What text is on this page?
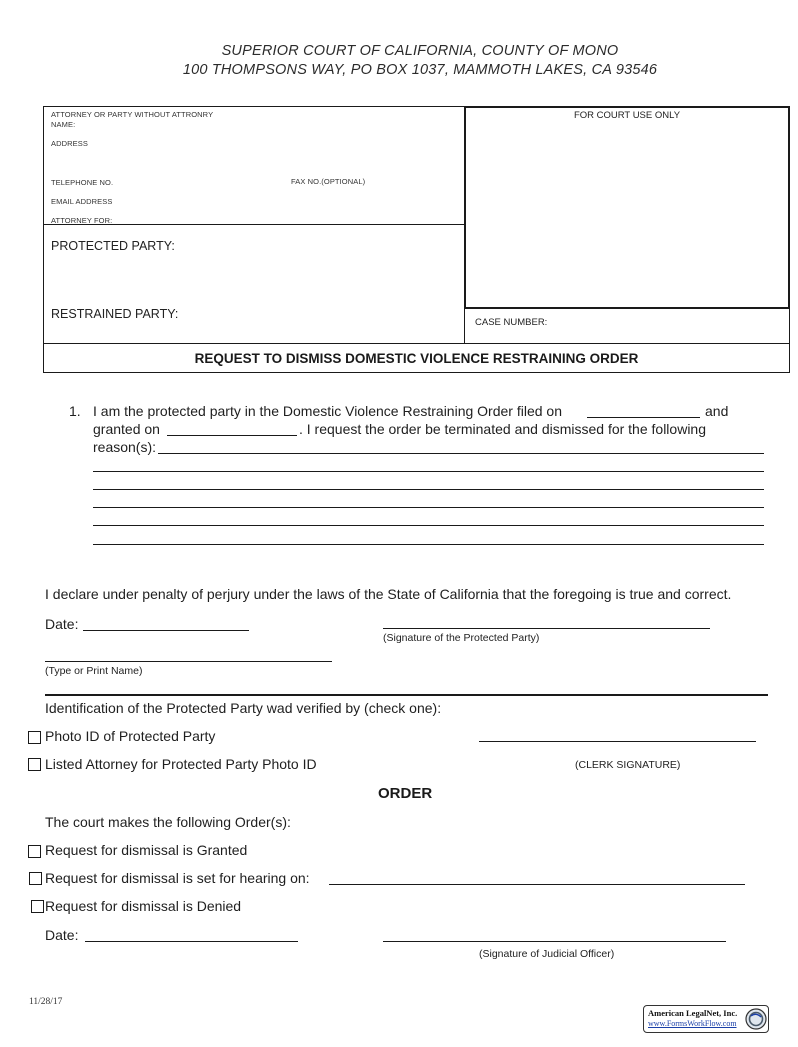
SUPERIOR COURT OF CALIFORNIA, COUNTY OF MONO
100 THOMPSONS WAY, PO BOX 1037, MAMMOTH LAKES, CA 93546
ATTORNEY OR PARTY WITHOUT ATTRONRY
NAME:
ADDRESS
TELEPHONE NO.	FAX NO.(OPTIONAL)
EMAIL ADDRESS
ATTORNEY FOR:
PROTECTED PARTY:
RESTRAINED PARTY:
FOR COURT USE ONLY
CASE NUMBER:
REQUEST TO DISMISS DOMESTIC VIOLENCE RESTRAINING ORDER
1. I am the protected party in the Domestic Violence Restraining Order filed on	and
granted on	. I request the order be terminated and dismissed for the following
reason(s):
I declare under penalty of perjury under the laws of the State of California that the foregoing is true and correct.
Date:
(Signature of the Protected Party)
(Type or Print Name)
Identification of the Protected Party wad verified by (check one):
Photo ID of Protected Party
Listed Attorney for Protected Party Photo ID	(CLERK SIGNATURE)
ORDER
The court makes the following Order(s):
Request for dismissal is Granted
Request for dismissal is set for hearing on:
Request for dismissal is Denied
Date:
(Signature of Judicial Officer)
11/28/17
American LegalNet, Inc.
www.FormsWorkFlow.com
